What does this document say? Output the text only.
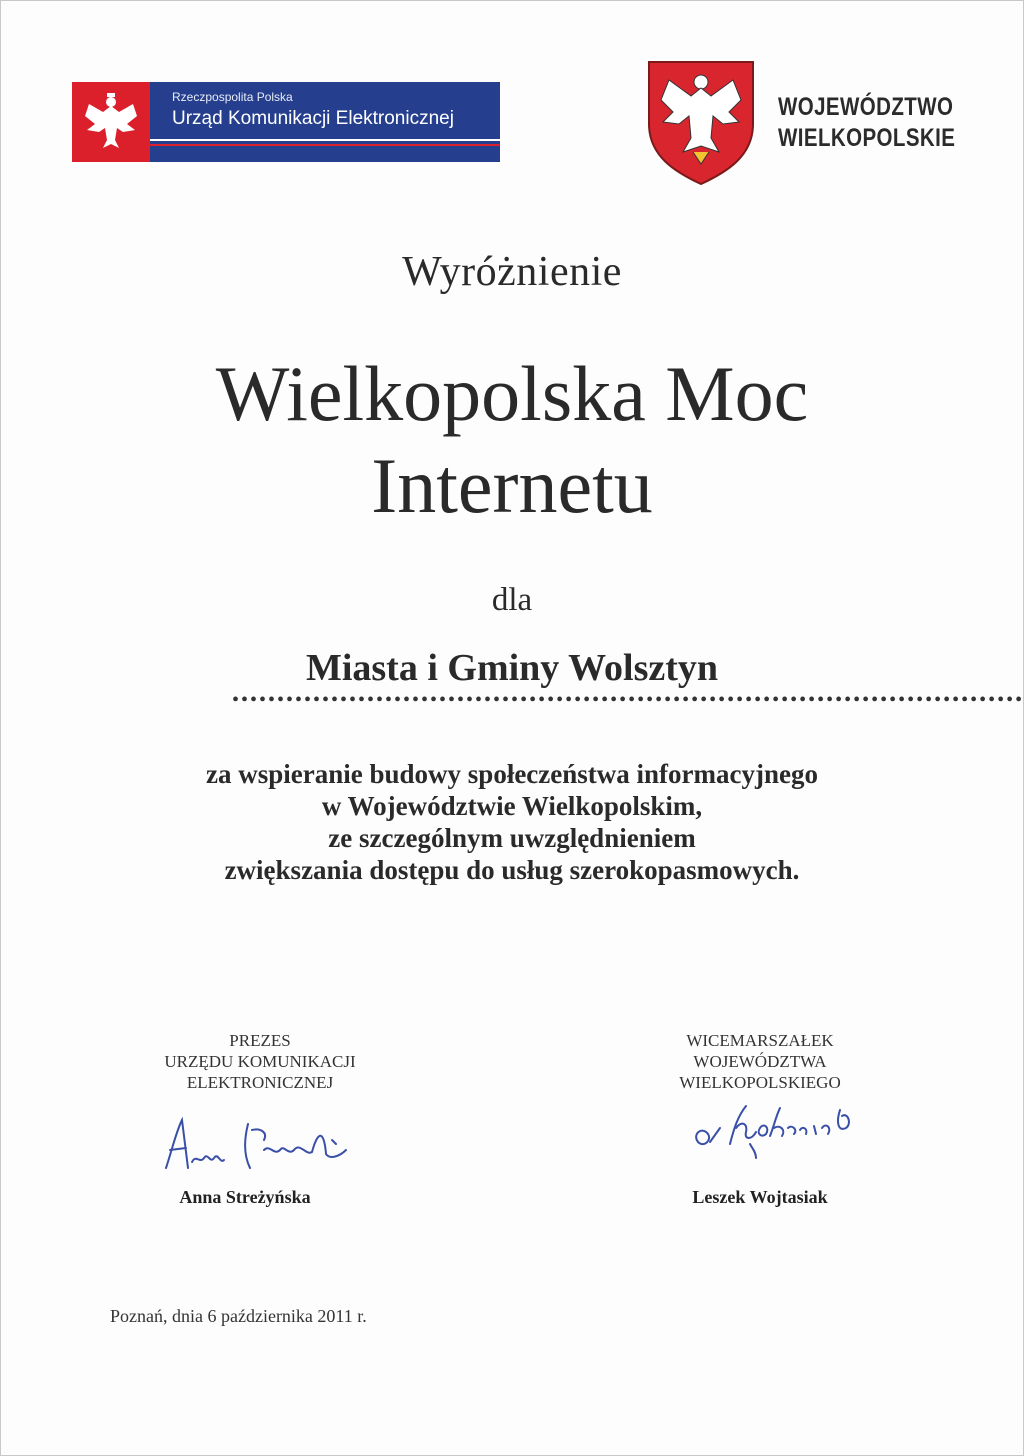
Rzeczpospolita Polska
Urząd Komunikacji Elektronicznej	WOJEWÓDZTWO
WIELKOPOLSKIE
Wyróżnienie
Wielkopolska Moc
Internetu
dla
Miasta i Gminy Wolsztyn
••••••••••••••••••••••••••••••••••••••••••••••••••••••••••••••••••••••••••••••••••••••••
za wspieranie budowy społeczeństwa informacyjnego
w Województwie Wielkopolskim,
ze szczególnym uwzględnieniem
zwiększania dostępu do usług szerokopasmowych.
PREZES
URZĘDU KOMUNIKACJI
ELEKTRONICZNEJ
WICEMARSZAŁEK
WOJEWÓDZTWA
WIELKOPOLSKIEGO
Anna Streżyńska	Leszek Wojtasiak
Poznań, dnia 6 października 2011 r.
